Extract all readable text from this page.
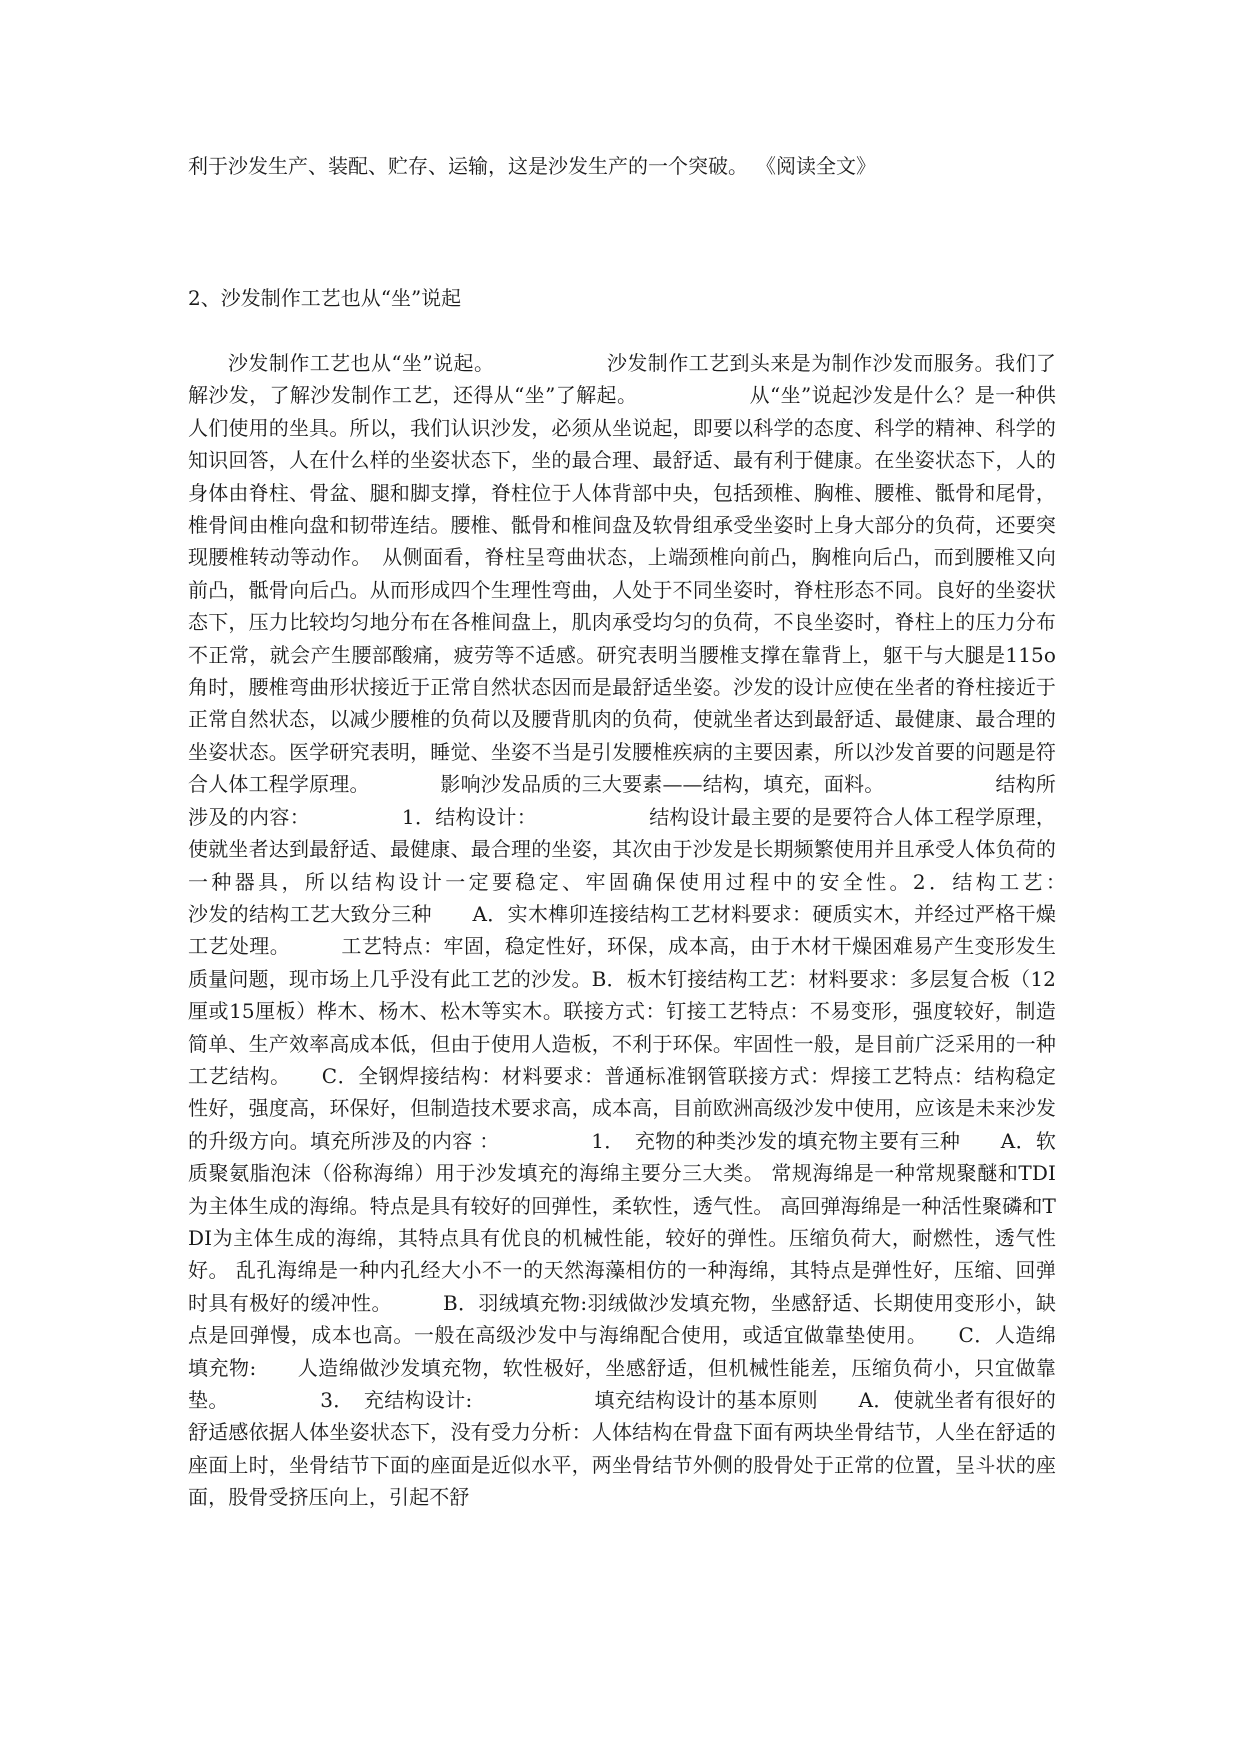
利于沙发生产、装配、贮存、运输，这是沙发生产的一个突破。 《阅读全文》
2、沙发制作工艺也从“坐”说起

沙发制作工艺也从“坐”说起。　　　　　　沙发制作工艺到头来是为制作沙发而服务。我们了解沙发，了解沙发制作工艺，还得从“坐”了解起。　　　　　　从“坐”说起沙发是什么？是一种供人们使用的坐具。所以，我们认识沙发，必须从坐说起，即要以科学的态度、科学的精神、科学的知识回答，人在什么样的坐姿状态下，坐的最合理、最舒适、最有利于健康。在坐姿状态下，人的身体由脊柱、骨盆、腿和脚支撑，脊柱位于人体背部中央，包括颈椎、胸椎、腰椎、骶骨和尾骨，椎骨间由椎向盘和韧带连结。腰椎、骶骨和椎间盘及软骨组承受坐姿时上身大部分的负荷，还要突现腰椎转动等动作。　从侧面看，脊柱呈弯曲状态，上端颈椎向前凸，胸椎向后凸，而到腰椎又向前凸，骶骨向后凸。从而形成四个生理性弯曲，人处于不同坐姿时，脊柱形态不同。良好的坐姿状态下，压力比较均匀地分布在各椎间盘上，肌肉承受均匀的负荷，不良坐姿时，脊柱上的压力分布不正常，就会产生腰部酸痛，疲劳等不适感。研究表明当腰椎支撑在靠背上，躯干与大腿是115o角时，腰椎弯曲形状接近于正常自然状态因而是最舒适坐姿。沙发的设计应使在坐者的脊柱接近于正常自然状态，以减少腰椎的负荷以及腰背肌肉的负荷，使就坐者达到最舒适、最健康、最合理的坐姿状态。医学研究表明，睡觉、坐姿不当是引发腰椎疾病的主要因素，所以沙发首要的问题是符合人体工程学原理。　　　　影响沙发品质的三大要素——结构，填充，面料。　　　　　　结构所涉及的内容：　　　　　1．结构设计：　　　　　　结构设计最主要的是要符合人体工程学原理，使就坐者达到最舒适、最健康、最合理的坐姿，其次由于沙发是长期频繁使用并且承受人体负荷的一种器具，所以结构设计一定要稳定、牢固确保使用过程中的安全性。2．结构工艺：　　　　　　沙发的结构工艺大致分三种　　A．实木榫卯连接结构工艺材料要求：硬质实木，并经过严格干燥工艺处理。　　　工艺特点：牢固，稳定性好，环保，成本高，由于木材干燥困难易产生变形发生质量问题，现市场上几乎没有此工艺的沙发。B．板木钉接结构工艺：材料要求：多层复合板（12厘或15厘板）桦木、杨木、松木等实木。联接方式：钉接工艺特点：不易变形，强度较好，制造简单、生产效率高成本低，但由于使用人造板，不利于环保。牢固性一般，是目前广泛采用的一种工艺结构。　　C．全钢焊接结构：材料要求：普通标准钢管联接方式：焊接工艺特点：结构稳定性好，强度高，环保好，但制造技术要求高，成本高，目前欧洲高级沙发中使用，应该是未来沙发的升级方向。填充所涉及的内容 ：　　　　　1．　充物的种类沙发的填充物主要有三种　　A．软质聚氨脂泡沫（俗称海绵）用于沙发填充的海绵主要分三大类。 常规海绵是一种常规聚醚和TDI为主体生成的海绵。特点是具有较好的回弹性，柔软性，透气性。 高回弹海绵是一种活性聚磷和TDI为主体生成的海绵，其特点具有优良的机械性能，较好的弹性。压缩负荷大，耐燃性，透气性好。 乱孔海绵是一种内孔经大小不一的天然海藻相仿的一种海绵，其特点是弹性好，压缩、回弹时具有极好的缓冲性。　　　B．羽绒填充物:羽绒做沙发填充物，坐感舒适、长期使用变形小，缺点是回弹慢，成本也高。一般在高级沙发中与海绵配合使用，或适宜做靠垫使用。　　C．人造绵填充物:　　人造绵做沙发填充物，软性极好，坐感舒适，但机械性能差，压缩负荷小，只宜做靠垫。　　　　　3．　充结构设计:　　　　　　填充结构设计的基本原则　　A．使就坐者有很好的舒适感依据人体坐姿状态下，没有受力分析：人体结构在骨盘下面有两块坐骨结节，人坐在舒适的座面上时，坐骨结节下面的座面是近似水平，两坐骨结节外侧的股骨处于正常的位置，呈斗状的座面，股骨受挤压向上，引起不舒
